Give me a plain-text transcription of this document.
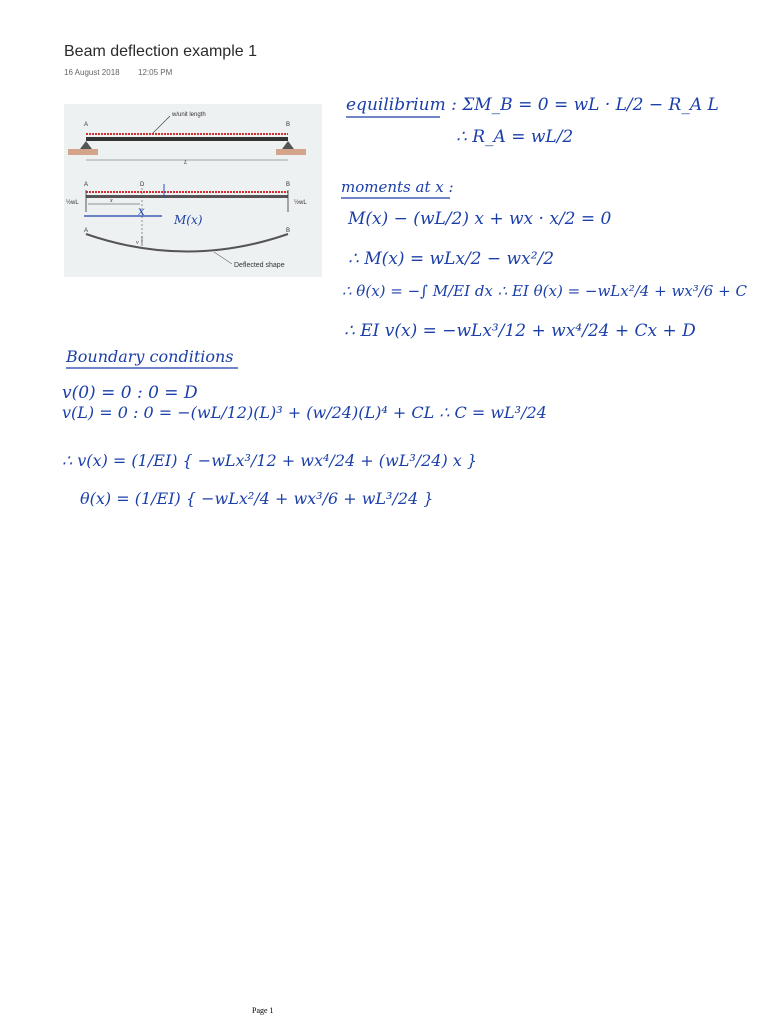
Beam deflection example 1
16 August 2018 12:05 PM
A	B
w/unit length
L
A	D	B
½wL	½wL
x
x
M(x)
A	B
v
Deflected shape
equilibrium : ΣM_B = 0 = wL · L/2 − R_A L
∴ R_A = wL/2
moments at x :
M(x) − (wL/2) x + wx · x/2 = 0
∴ M(x) = wLx/2 − wx²/2
∴ θ(x) = −∫ M/EI dx ∴ EI θ(x) = −wLx²/4 + wx³/6 + C
∴ EI v(x) = −wLx³/12 + wx⁴/24 + Cx + D
Boundary conditions
v(0) = 0 : 0 = D
v(L) = 0 : 0 = −(wL/12)(L)³ + (w/24)(L)⁴ + CL ∴ C = wL³/24
∴ v(x) = (1/EI) { −wLx³/12 + wx⁴/24 + (wL³/24) x }
θ(x) = (1/EI) { −wLx²/4 + wx³/6 + wL³/24 }
Page 1
